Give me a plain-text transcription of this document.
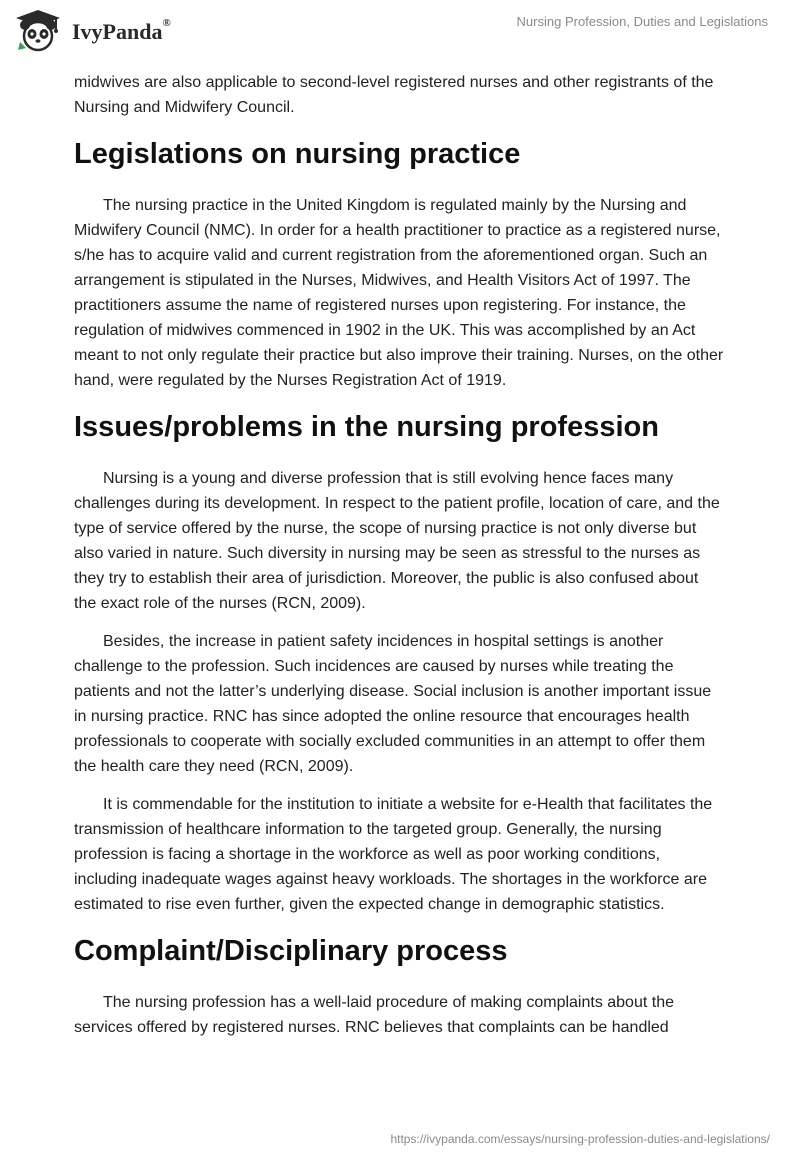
IvyPanda®	Nursing Profession, Duties and Legislations

midwives are also applicable to second-level registered nurses and other registrants of the Nursing and Midwifery Council.

Legislations on nursing practice

The nursing practice in the United Kingdom is regulated mainly by the Nursing and Midwifery Council (NMC). In order for a health practitioner to practice as a registered nurse, s/he has to acquire valid and current registration from the aforementioned organ. Such an arrangement is stipulated in the Nurses, Midwives, and Health Visitors Act of 1997. The practitioners assume the name of registered nurses upon registering. For instance, the regulation of midwives commenced in 1902 in the UK. This was accomplished by an Act meant to not only regulate their practice but also improve their training. Nurses, on the other hand, were regulated by the Nurses Registration Act of 1919.

Issues/problems in the nursing profession

Nursing is a young and diverse profession that is still evolving hence faces many challenges during its development. In respect to the patient profile, location of care, and the type of service offered by the nurse, the scope of nursing practice is not only diverse but also varied in nature. Such diversity in nursing may be seen as stressful to the nurses as they try to establish their area of jurisdiction. Moreover, the public is also confused about the exact role of the nurses (RCN, 2009).

Besides, the increase in patient safety incidences in hospital settings is another challenge to the profession. Such incidences are caused by nurses while treating the patients and not the latter’s underlying disease. Social inclusion is another important issue in nursing practice. RNC has since adopted the online resource that encourages health professionals to cooperate with socially excluded communities in an attempt to offer them the health care they need (RCN, 2009).

It is commendable for the institution to initiate a website for e-Health that facilitates the transmission of healthcare information to the targeted group. Generally, the nursing profession is facing a shortage in the workforce as well as poor working conditions, including inadequate wages against heavy workloads. The shortages in the workforce are estimated to rise even further, given the expected change in demographic statistics.

Complaint/Disciplinary process

The nursing profession has a well-laid procedure of making complaints about the services offered by registered nurses. RNC believes that complaints can be handled

https://ivypanda.com/essays/nursing-profession-duties-and-legislations/
